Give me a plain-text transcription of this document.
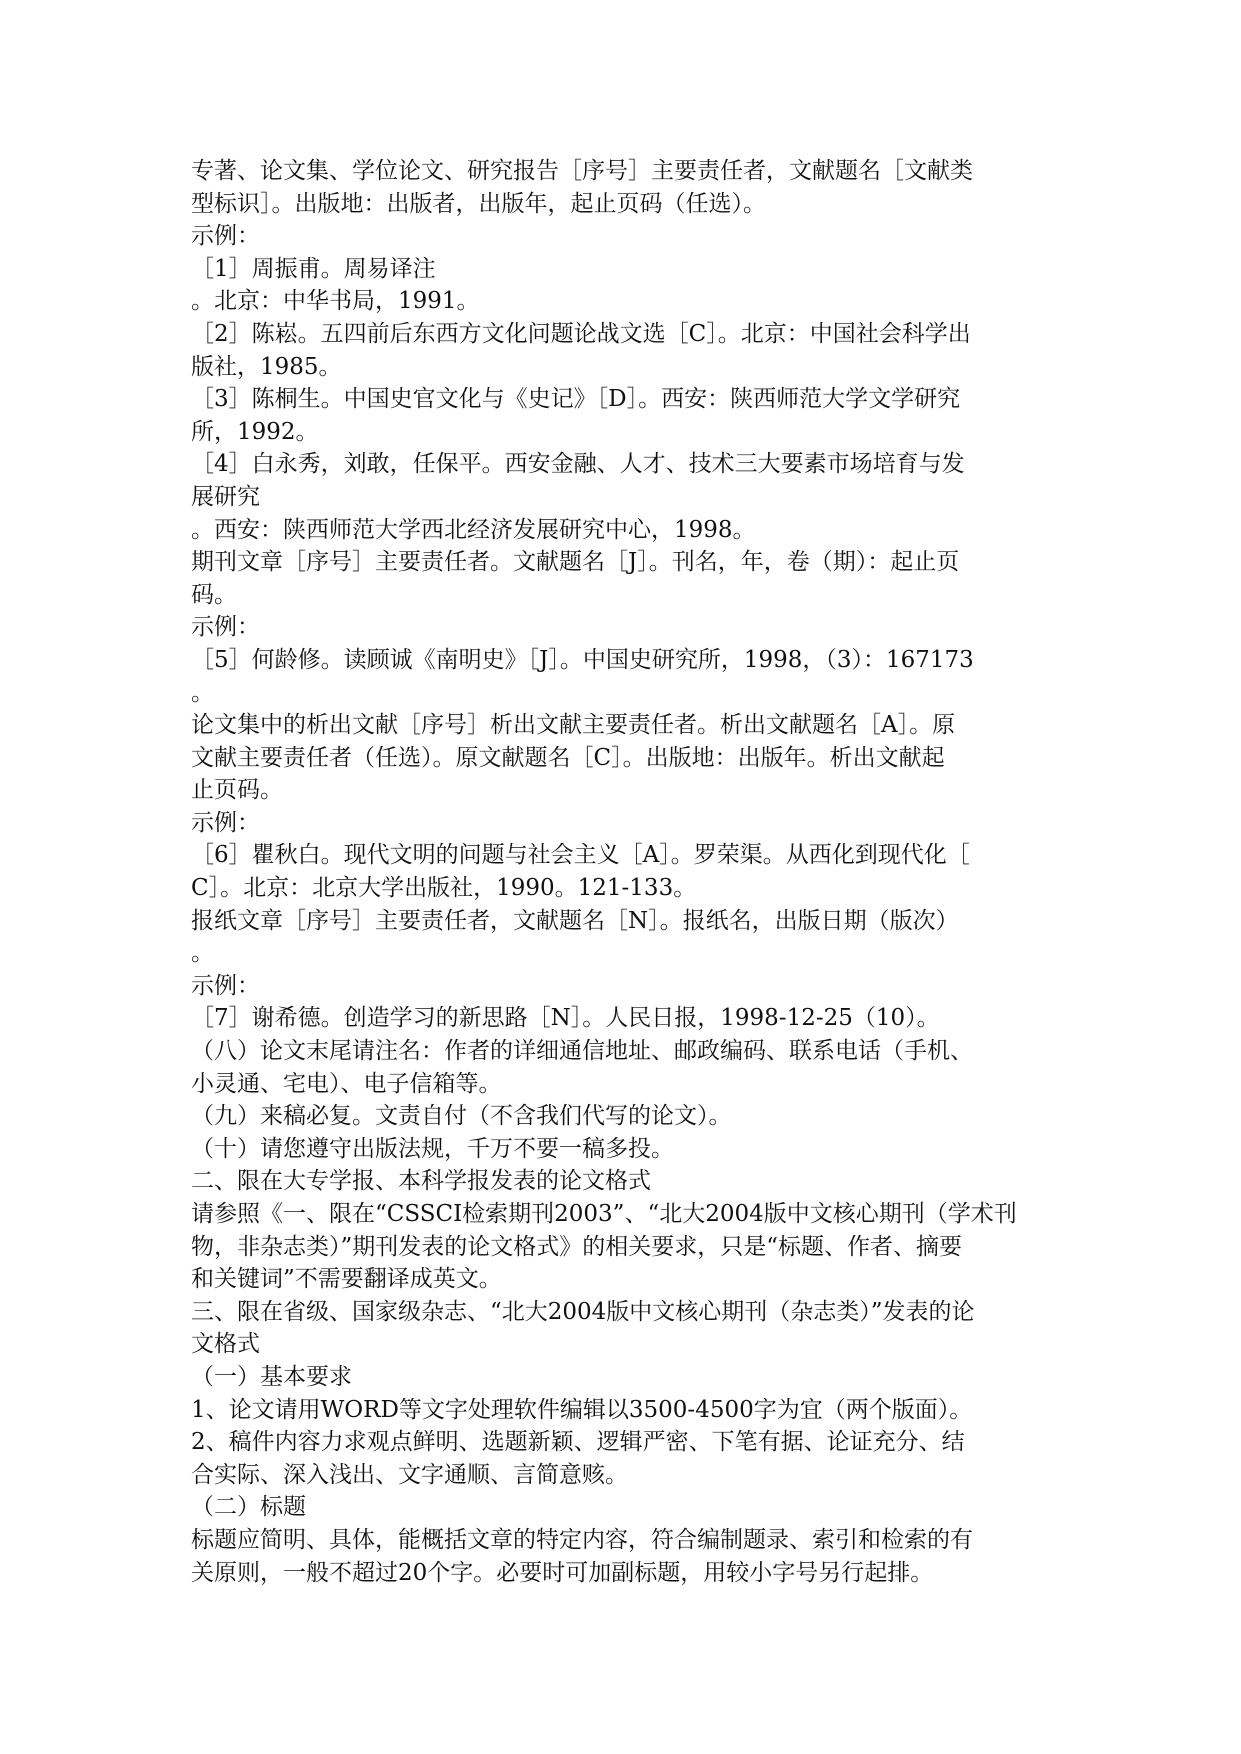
专著、论文集、学位论文、研究报告［序号］主要责任者，文献题名［文献类
型标识］。出版地：出版者，出版年，起止页码（任选）。
示例：
［1］周振甫。周易译注
。北京：中华书局，1991。
［2］陈崧。五四前后东西方文化问题论战文选［C］。北京：中国社会科学出
版社，1985。
［3］陈桐生。中国史官文化与《史记》［D］。西安：陕西师范大学文学研究
所，1992。
［4］白永秀，刘敢，任保平。西安金融、人才、技术三大要素市场培育与发
展研究
。西安：陕西师范大学西北经济发展研究中心，1998。
期刊文章［序号］主要责任者。文献题名［J］。刊名，年，卷（期）：起止页
码。
示例：
［5］何龄修。读顾诚《南明史》［J］。中国史研究所，1998，（3）：167173
。
论文集中的析出文献［序号］析出文献主要责任者。析出文献题名［A］。原
文献主要责任者（任选）。原文献题名［C］。出版地：出版年。析出文献起
止页码。
示例：
［6］瞿秋白。现代文明的问题与社会主义［A］。罗荣渠。从西化到现代化［
C］。北京：北京大学出版社，1990。121-133。
报纸文章［序号］主要责任者，文献题名［N］。报纸名，出版日期（版次）
。
示例：
［7］谢希德。创造学习的新思路［N］。人民日报，1998-12-25（10）。
（八）论文末尾请注名：作者的详细通信地址、邮政编码、联系电话（手机、
小灵通、宅电）、电子信箱等。
（九）来稿必复。文责自付（不含我们代写的论文）。
（十）请您遵守出版法规，千万不要一稿多投。
二、限在大专学报、本科学报发表的论文格式
请参照《一、限在“CSSCI检索期刊2003”、“北大2004版中文核心期刊（学术刊
物，非杂志类）”期刊发表的论文格式》的相关要求，只是“标题、作者、摘要
和关键词”不需要翻译成英文。
三、限在省级、国家级杂志、“北大2004版中文核心期刊（杂志类）”发表的论
文格式
（一）基本要求
1、论文请用WORD等文字处理软件编辑以3500-4500字为宜（两个版面）。
2、稿件内容力求观点鲜明、选题新颖、逻辑严密、下笔有据、论证充分、结
合实际、深入浅出、文字通顺、言简意赅。
（二）标题
标题应简明、具体，能概括文章的特定内容，符合编制题录、索引和检索的有
关原则，一般不超过20个字。必要时可加副标题，用较小字号另行起排。
